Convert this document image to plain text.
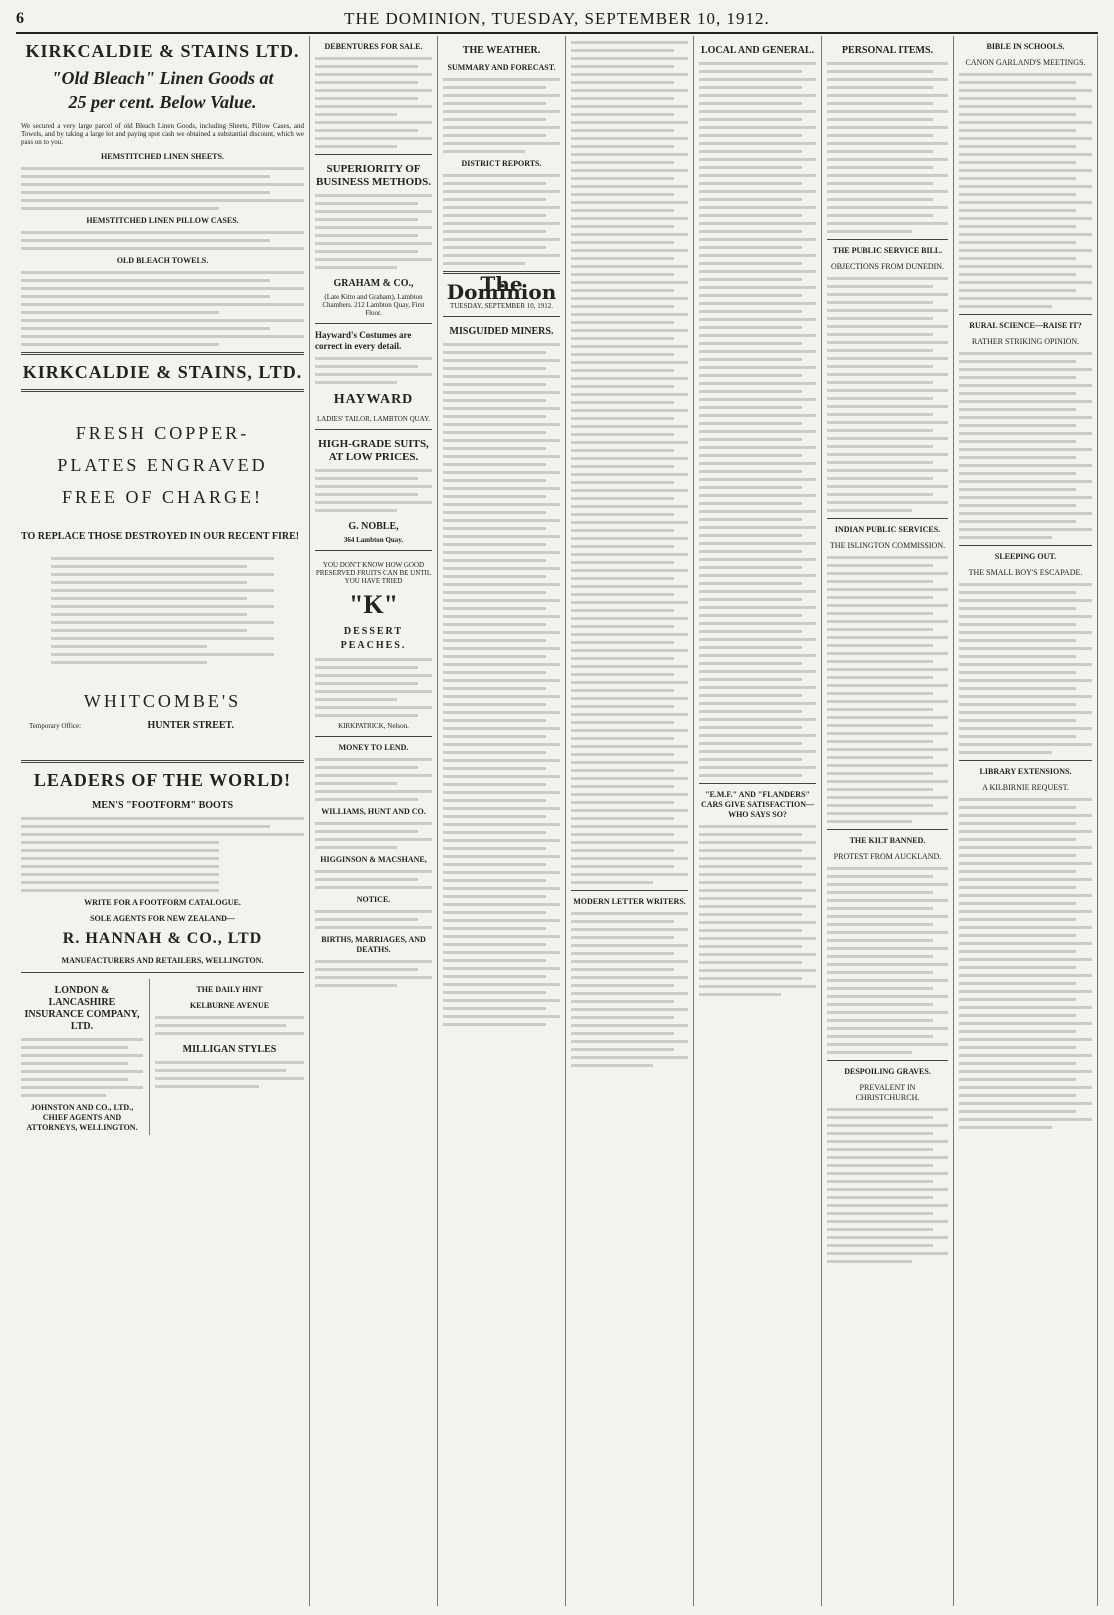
6	THE DOMINION, TUESDAY, SEPTEMBER 10, 1912.
KIRKCALDIE & STAINS LTD.
"Old Bleach" Linen Goods at
25 per cent. Below Value.
We secured a very large parcel of old Bleach Linen Goods, including Sheets, Pillow Cases, and Towels, and by taking a large lot and paying spot cash we obtained a substantial discount, which we pass on to you.
HEMSTITCHED LINEN SHEETS.
HEMSTITCHED LINEN PILLOW CASES.
OLD BLEACH TOWELS.
KIRKCALDIE & STAINS, LTD.
FRESH COPPER-
PLATES ENGRAVED
FREE OF CHARGE!
TO REPLACE THOSE DESTROYED IN OUR RECENT FIRE!
WHITCOMBE'S
Temporary Office:	HUNTER STREET.
LEADERS OF THE WORLD!
MEN'S "FOOTFORM" BOOTS
WRITE FOR A FOOTFORM CATALOGUE.
SOLE AGENTS FOR NEW ZEALAND—
R. HANNAH & CO., LTD
MANUFACTURERS AND RETAILERS, WELLINGTON.
LONDON & LANCASHIRE INSURANCE COMPANY, LTD.
JOHNSTON AND CO., LTD., CHIEF AGENTS AND ATTORNEYS, WELLINGTON.
THE DAILY HINT
KELBURNE AVENUE
MILLIGAN STYLES
DEBENTURES FOR SALE.
SUPERIORITY OF BUSINESS METHODS.
GRAHAM & CO.,
(Late Kitto and Graham), Lambton Chambers. 212 Lambton Quay, First Floor.
Hayward's Costumes are correct in every detail.
HAYWARD
LADIES' TAILOR, LAMBTON QUAY.
HIGH-GRADE SUITS, AT LOW PRICES.
G. NOBLE,
364 Lambton Quay.
YOU DON'T KNOW HOW GOOD PRESERVED FRUITS CAN BE UNTIL YOU HAVE TRIED
"K"
DESSERT PEACHES.
KIRKPATRICK, Nelson.
MONEY TO LEND.
WILLIAMS, HUNT AND CO.
HIGGINSON & MACSHANE,
NOTICE.
BIRTHS, MARRIAGES, AND DEATHS.
THE WEATHER.
SUMMARY AND FORECAST.
DISTRICT REPORTS.
The Dominion
TUESDAY, SEPTEMBER 10, 1912.
MISGUIDED MINERS.
MODERN LETTER WRITERS.
LOCAL AND GENERAL.
"E.M.F." AND "FLANDERS" CARS GIVE SATISFACTION—WHO SAYS SO?
PERSONAL ITEMS.
THE PUBLIC SERVICE BILL.
OBJECTIONS FROM DUNEDIN.
INDIAN PUBLIC SERVICES.
THE ISLINGTON COMMISSION.
THE KILT BANNED.
PROTEST FROM AUCKLAND.
DESPOILING GRAVES.
PREVALENT IN CHRISTCHURCH.
BIBLE IN SCHOOLS.
CANON GARLAND'S MEETINGS.
RURAL SCIENCE—RAISE IT?
RATHER STRIKING OPINION.
SLEEPING OUT.
THE SMALL BOY'S ESCAPADE.
LIBRARY EXTENSIONS.
A KILBIRNIE REQUEST.
